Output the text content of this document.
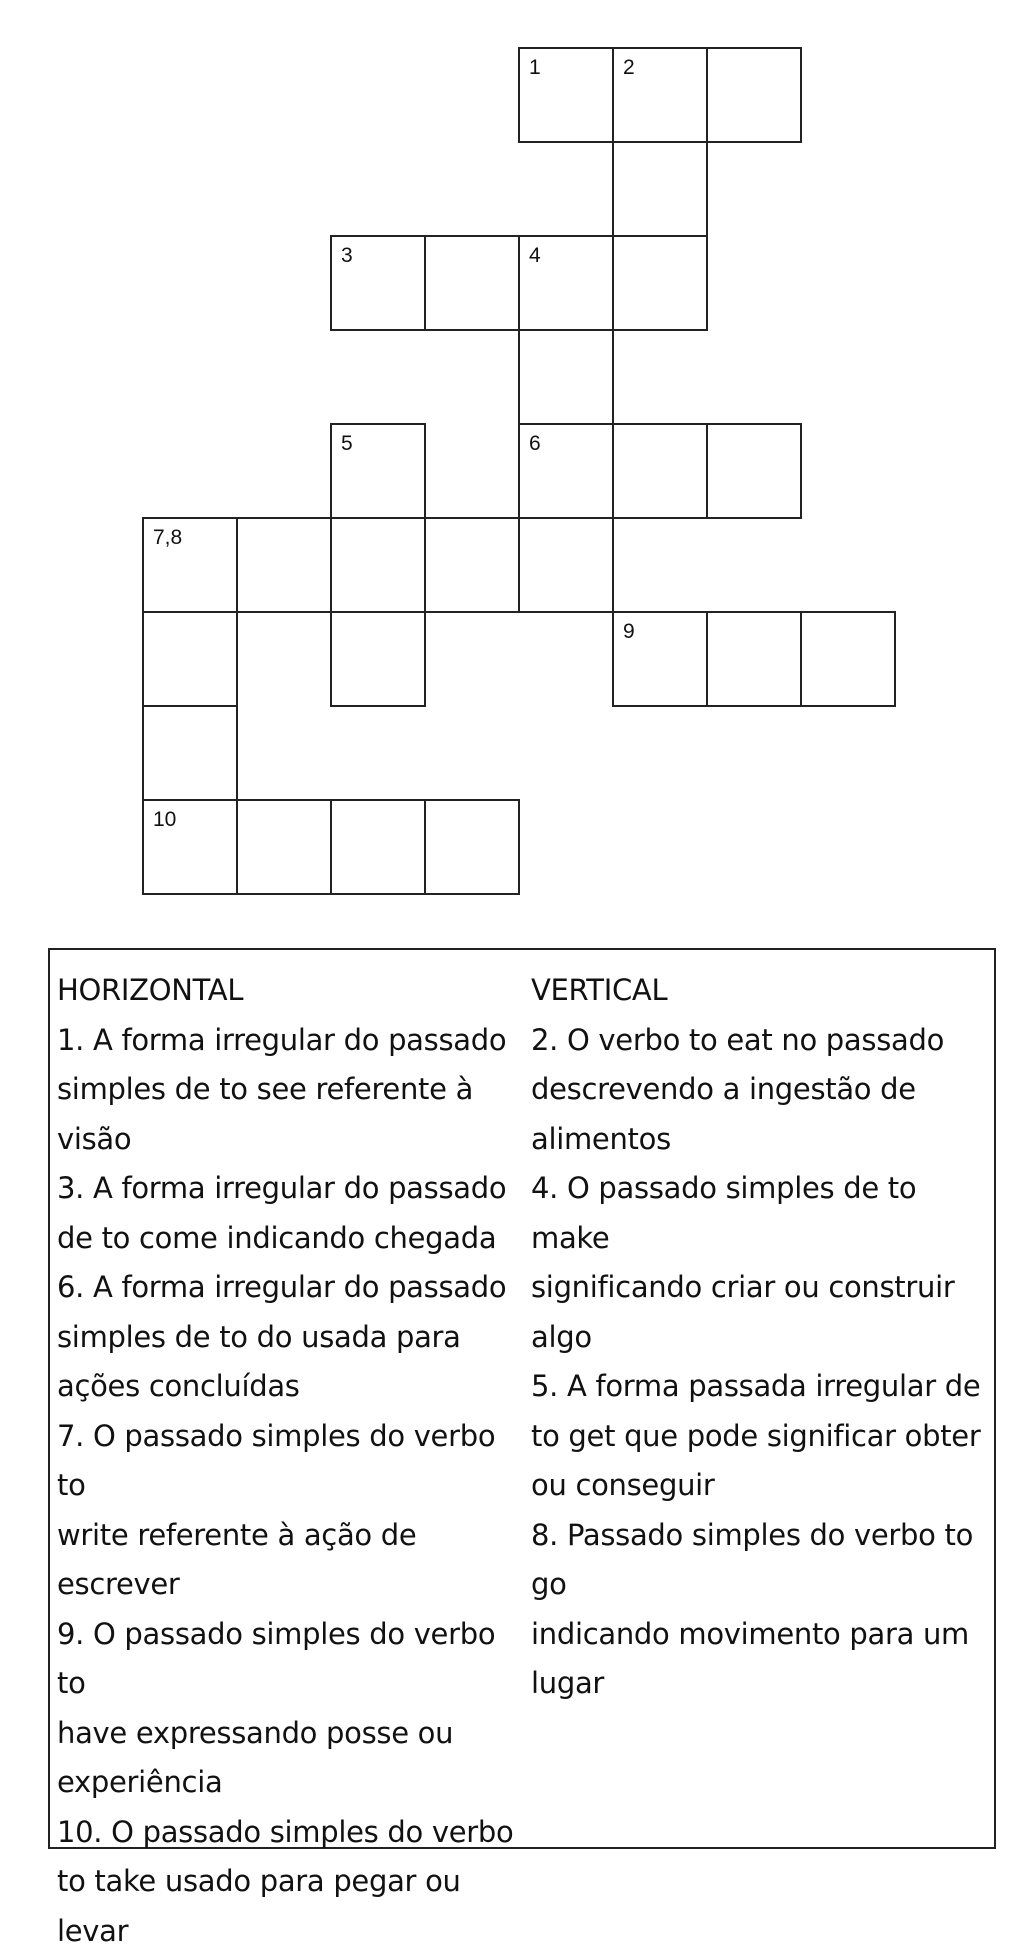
1	2
3	4
5	6
7,8
9
10
HORIZONTAL
1. A forma irregular do passado
simples de to see referente à
visão
3. A forma irregular do passado
de to come indicando chegada
6. A forma irregular do passado
simples de to do usada para
ações concluídas
7. O passado simples do verbo to
write referente à ação de
escrever
9. O passado simples do verbo to
have expressando posse ou
experiência
10. O passado simples do verbo
to take usado para pegar ou levar
VERTICAL
2. O verbo to eat no passado
descrevendo a ingestão de
alimentos
4. O passado simples de to make
significando criar ou construir
algo
5. A forma passada irregular de
to get que pode significar obter
ou conseguir
8. Passado simples do verbo to go
indicando movimento para um
lugar
